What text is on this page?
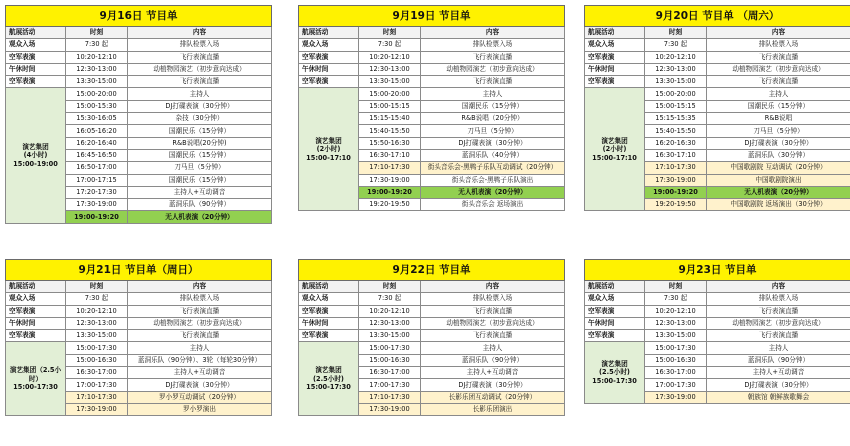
9月16日 节目单		
航展活动	时刻	内容
观众入场	7:30 起	排队检票入场
空军表演	10:20-12:10	飞行表演直播
午休时间	12:30-13:00	动植物园演艺（初步意向达成）
空军表演	13:30-15:00	飞行表演直播
演艺集团
(4小时)
15:00-19:00	15:00-20:00	主持人
	15:00-15:30	DJ打碟表演（30分钟）
	15:30-16:05	杂技（30分钟）
	16:05-16:20	国潮民乐（15分钟）
	16:20-16:40	R&B说唱(20分钟)
	16:45-16:50	国潮民乐（15分钟）
	16:50-17:00	刀马旦（5分钟）
	17:00-17:15	国潮民乐（15分钟）
	17:20-17:30	主持人+互动调音
	17:30-19:00	蓝洞乐队（90分钟）
	19:00-19:20	无人机表演（20分钟）
9月19日 节目单		
航展活动	时刻	内容
观众入场	7:30 起	排队检票入场
空军表演	10:20-12:10	飞行表演直播
午休时间	12:30-13:00	动植物园演艺（初步意向达成）
空军表演	13:30-15:00	飞行表演直播
演艺集团
(2小时)
15:00-17:10	15:00-20:00	主持人
	15:00-15:15	国潮民乐（15分钟）
	15:15-15:40	R&B说唱（20分钟）
	15:40-15:50	刀马旦（5分钟）
	15:50-16:30	DJ打碟表演（30分钟）
	16:30-17:10	蓝洞乐队（40分钟）
	17:10-17:30	街头音乐会-黑鸭子乐队互动调试（20分钟）
	17:30-19:00	街头音乐会-黑鸭子乐队演出
	19:00-19:20	无人机表演（20分钟）
	19:20-19:50	街头音乐会 返场演出
9月20日 节目单 （周六）		
航展活动	时刻	内容
观众入场	7:30 起	排队检票入场
空军表演	10:20-12:10	飞行表演直播
午休时间	12:30-13:00	动植物园演艺（初步意向达成）
空军表演	13:30-15:00	飞行表演直播
演艺集团
(2小时)
15:00-17:10	15:00-20:00	主持人
	15:00-15:15	国潮民乐（15分钟）
	15:15-15:35	R&B说唱
	15:40-15:50	刀马旦（5分钟）
	16:20-16:30	DJ打碟表演（30分钟）
	16:30-17:10	蓝洞乐队（30分钟）
	17:10-17:30	中国歌剧院 互动调试（20分钟）
	17:30-19:00	中国歌剧院演出
	19:00-19:20	无人机表演（20分钟）
	19:20-19:50	中国歌剧院 返场演出（30分钟）
9月21日 节目单（周日）		
航展活动	时刻	内容
观众入场	7:30 起	排队检票入场
空军表演	10:20-12:10	飞行表演直播
午休时间	12:30-13:00	动植物园演艺（初步意向达成）
空军表演	13:30-15:00	飞行表演直播
演艺集团（2.5小时）
15:00-17:30	15:00-17:30	主持人
	15:00-16:30	蓝洞乐队（90分钟）、3轮（每轮30分钟）
	16:30-17:00	主持人+互动调音
	17:00-17:30	DJ打碟表演（30分钟）
	17:10-17:30	罗小罗互动调试（20分钟）
	17:30-19:00	罗小罗演出
9月22日 节目单		
航展活动	时刻	内容
观众入场	7:30 起	排队检票入场
空军表演	10:20-12:10	飞行表演直播
午休时间	12:30-13:00	动植物园演艺（初步意向达成）
空军表演	13:30-15:00	飞行表演直播
演艺集团
(2.5小时)
15:00-17:30	15:00-17:30	主持人
	15:00-16:30	蓝洞乐队（90分钟）
	16:30-17:00	主持人+互动调音
	17:00-17:30	DJ打碟表演（30分钟）
	17:10-17:30	长影乐团互动调试（20分钟）
	17:30-19:00	长影乐团演出
9月23日 节目单		
航展活动	时刻	内容
观众入场	7:30 起	排队检票入场
空军表演	10:20-12:10	飞行表演直播
午休时间	12:30-13:00	动植物园演艺（初步意向达成）
空军表演	13:30-15:00	飞行表演直播
演艺集团
(2.5小时)
15:00-17:30	15:00-17:30	主持人
	15:00-16:30	蓝洞乐队（90分钟）
	16:30-17:00	主持人+互动调音
	17:00-17:30	DJ打碟表演（30分钟）
	17:30-19:00	朝族馆 朝鲜族歌舞会
